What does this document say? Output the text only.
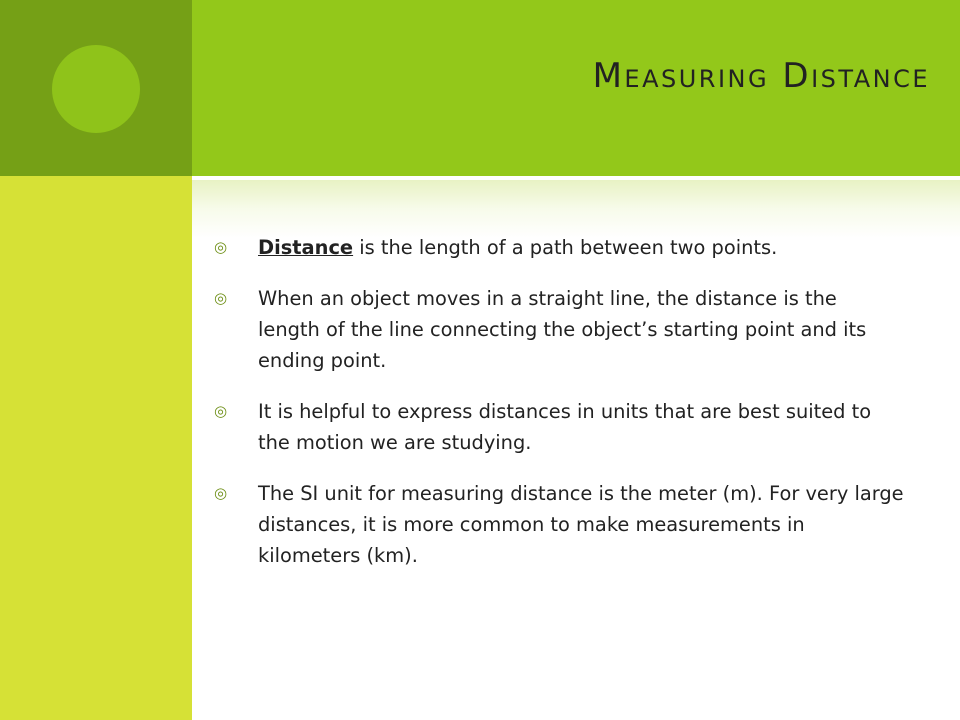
Measuring Distance
◎	Distance is the length of a path between two points.
◎	When an object moves in a straight line, the distance is the length of the line connecting the object’s starting point and its ending point.
◎	It is helpful to express distances in units that are best suited to the motion we are studying.
◎	The SI unit for measuring distance is the meter (m). For very large distances, it is more common to make measurements in kilometers (km).
